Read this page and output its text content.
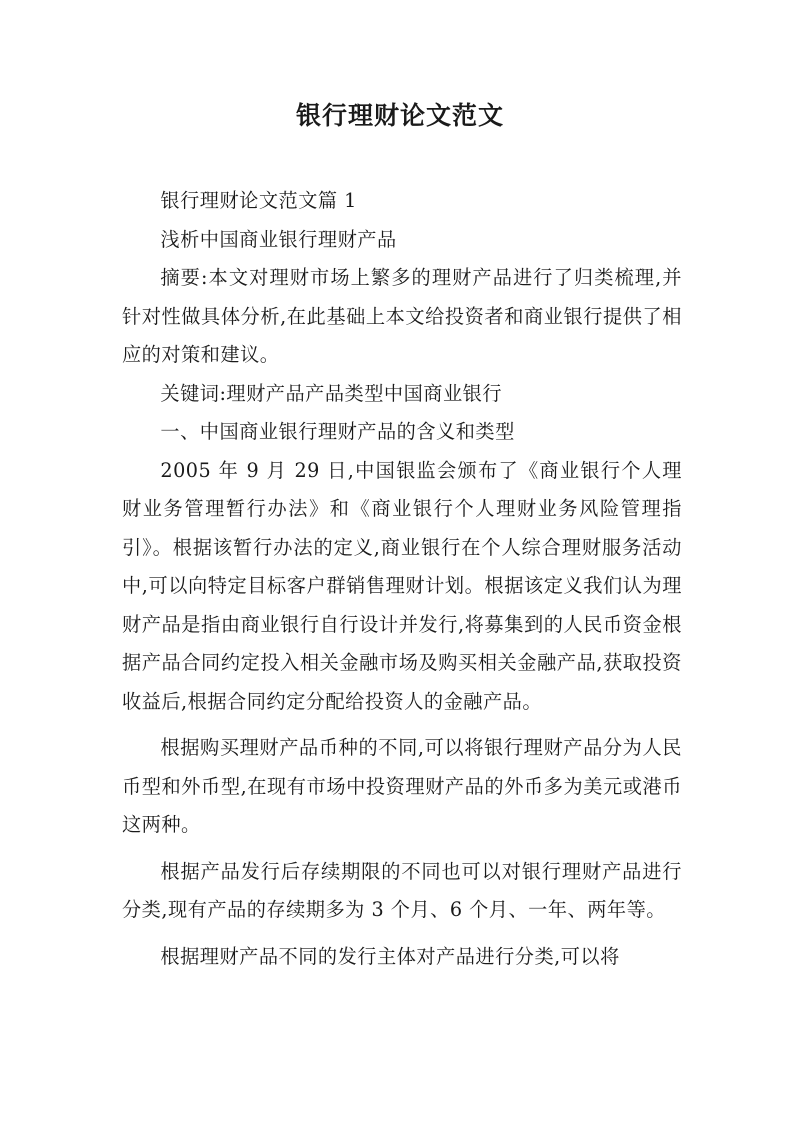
银行理财论文范文

银行理财论文范文篇 1

浅析中国商业银行理财产品

摘要:本文对理财市场上繁多的理财产品进行了归类梳理,并针对性做具体分析,在此基础上本文给投资者和商业银行提供了相应的对策和建议。

关键词:理财产品产品类型中国商业银行

一、中国商业银行理财产品的含义和类型

2005 年 9 月 29 日,中国银监会颁布了《商业银行个人理财业务管理暂行办法》和《商业银行个人理财业务风险管理指引》。根据该暂行办法的定义,商业银行在个人综合理财服务活动中,可以向特定目标客户群销售理财计划。根据该定义我们认为理财产品是指由商业银行自行设计并发行,将募集到的人民币资金根据产品合同约定投入相关金融市场及购买相关金融产品,获取投资收益后,根据合同约定分配给投资人的金融产品。

根据购买理财产品币种的不同,可以将银行理财产品分为人民币型和外币型,在现有市场中投资理财产品的外币多为美元或港币这两种。

根据产品发行后存续期限的不同也可以对银行理财产品进行分类,现有产品的存续期多为 3 个月、6 个月、一年、两年等。

根据理财产品不同的发行主体对产品进行分类,可以将
